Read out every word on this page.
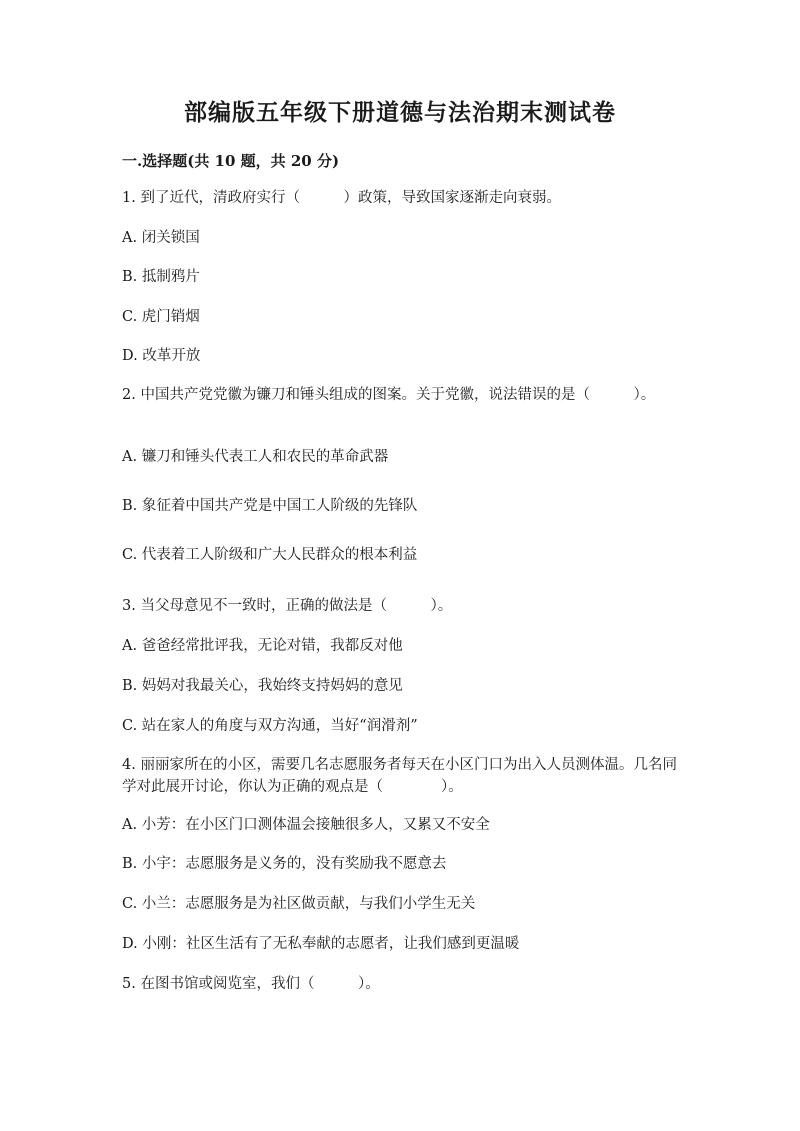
部编版五年级下册道德与法治期末测试卷
一.选择题(共 10 题，共 20 分)
1. 到了近代，清政府实行（　　　）政策，导致国家逐渐走向衰弱。
A. 闭关锁国
B. 抵制鸦片
C. 虎门销烟
D. 改革开放
2. 中国共产党党徽为镰刀和锤头组成的图案。关于党徽，说法错误的是（　　　）。
A. 镰刀和锤头代表工人和农民的革命武器
B. 象征着中国共产党是中国工人阶级的先锋队
C. 代表着工人阶级和广大人民群众的根本利益
3. 当父母意见不一致时，正确的做法是（　　　）。
A. 爸爸经常批评我，无论对错，我都反对他
B. 妈妈对我最关心，我始终支持妈妈的意见
C. 站在家人的角度与双方沟通，当好“润滑剂”
4. 丽丽家所在的小区，需要几名志愿服务者每天在小区门口为出入人员测体温。几名同学对此展开讨论，你认为正确的观点是（　　　　）。
A. 小芳：在小区门口测体温会接触很多人，又累又不安全
B. 小宇：志愿服务是义务的，没有奖励我不愿意去
C. 小兰：志愿服务是为社区做贡献，与我们小学生无关
D. 小刚：社区生活有了无私奉献的志愿者，让我们感到更温暖
5. 在图书馆或阅览室，我们（　　　）。
